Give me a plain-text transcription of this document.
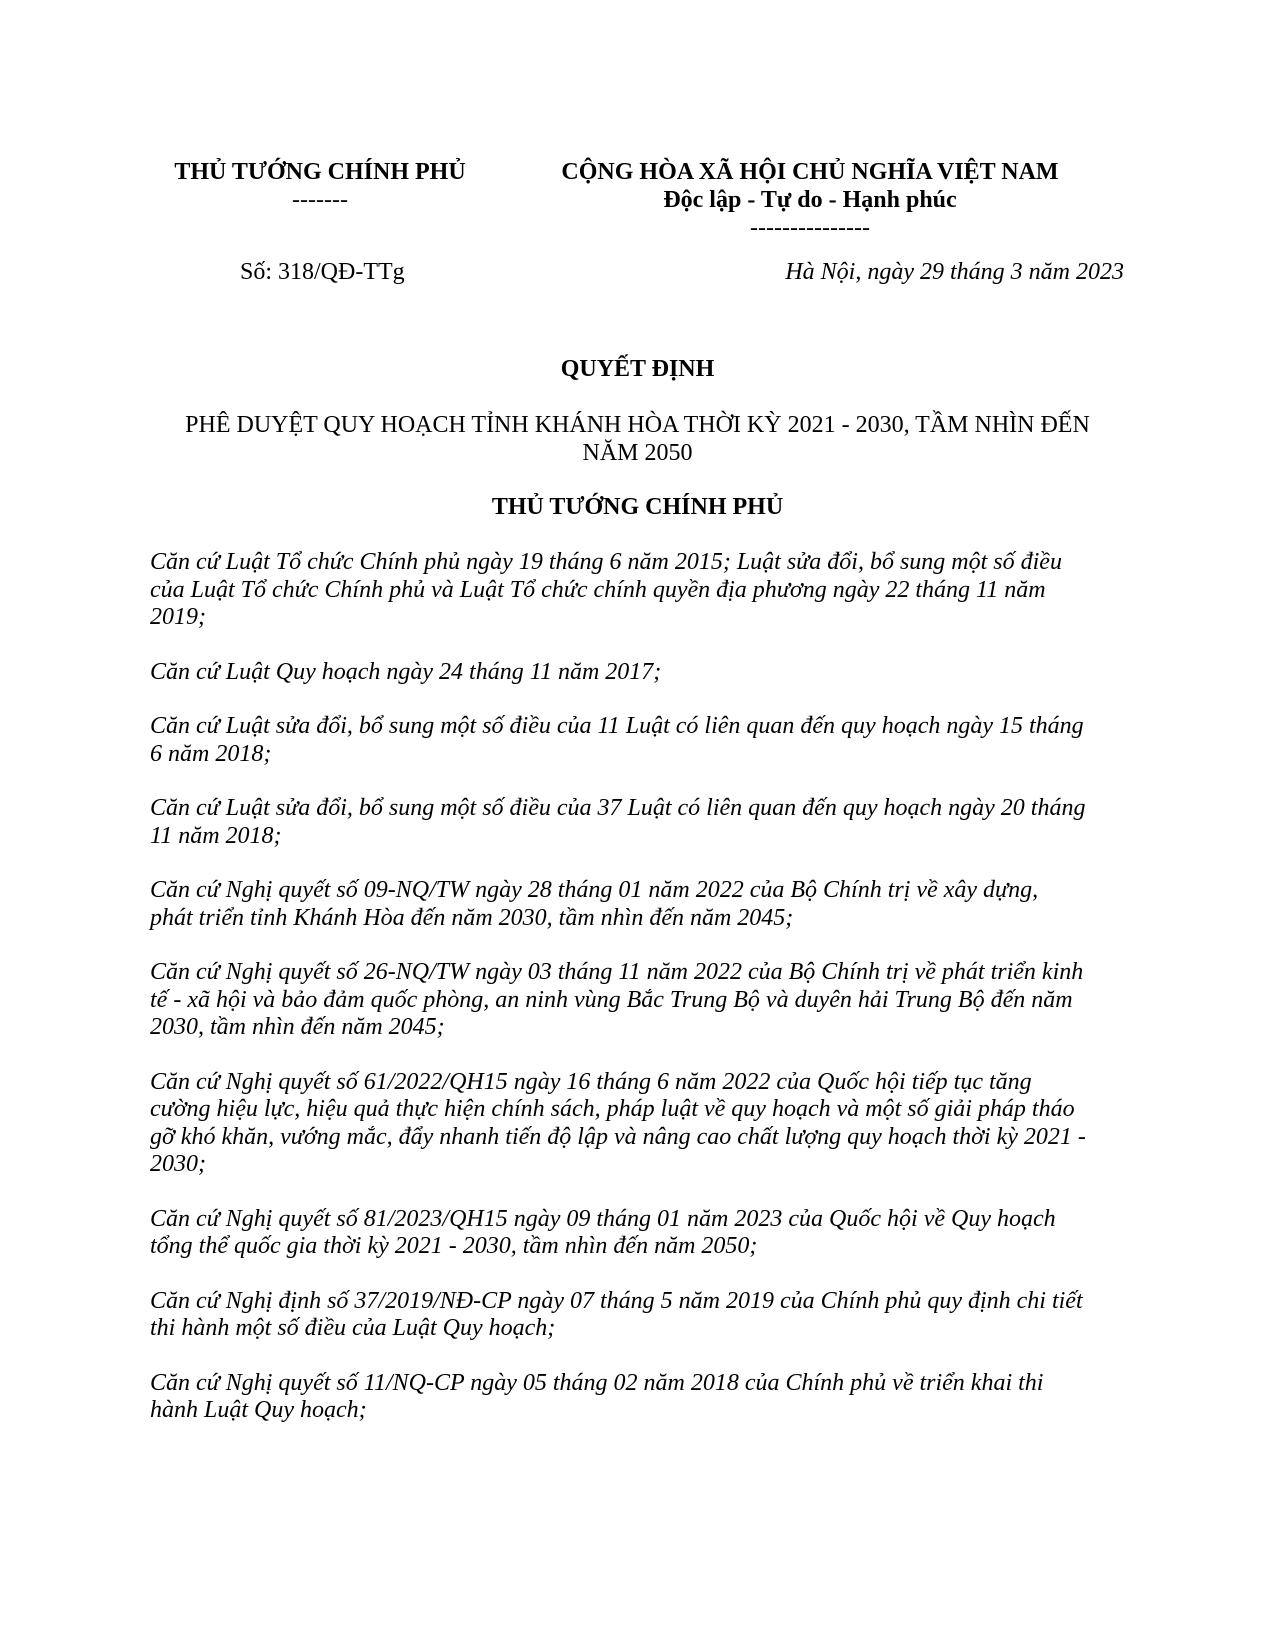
THỦ TƯỚNG CHÍNH PHỦ
-------
CỘNG HÒA XÃ HỘI CHỦ NGHĨA VIỆT NAM
Độc lập - Tự do - Hạnh phúc
---------------
Số: 318/QĐ-TTg	Hà Nội, ngày 29 tháng 3 năm 2023
QUYẾT ĐỊNH
PHÊ DUYỆT QUY HOẠCH TỈNH KHÁNH HÒA THỜI KỲ 2021 - 2030, TẦM NHÌN ĐẾN
NĂM 2050
THỦ TƯỚNG CHÍNH PHỦ
Căn cứ Luật Tổ chức Chính phủ ngày 19 tháng 6 năm 2015; Luật sửa đổi, bổ sung một số điều
của Luật Tổ chức Chính phủ và Luật Tổ chức chính quyền địa phương ngày 22 tháng 11 năm
2019;
Căn cứ Luật Quy hoạch ngày 24 tháng 11 năm 2017;
Căn cứ Luật sửa đổi, bổ sung một số điều của 11 Luật có liên quan đến quy hoạch ngày 15 tháng
6 năm 2018;
Căn cứ Luật sửa đổi, bổ sung một số điều của 37 Luật có liên quan đến quy hoạch ngày 20 tháng
11 năm 2018;
Căn cứ Nghị quyết số 09-NQ/TW ngày 28 tháng 01 năm 2022 của Bộ Chính trị về xây dựng,
phát triển tỉnh Khánh Hòa đến năm 2030, tầm nhìn đến năm 2045;
Căn cứ Nghị quyết số 26-NQ/TW ngày 03 tháng 11 năm 2022 của Bộ Chính trị về phát triển kinh
tế - xã hội và bảo đảm quốc phòng, an ninh vùng Bắc Trung Bộ và duyên hải Trung Bộ đến năm
2030, tầm nhìn đến năm 2045;
Căn cứ Nghị quyết số 61/2022/QH15 ngày 16 tháng 6 năm 2022 của Quốc hội tiếp tục tăng
cường hiệu lực, hiệu quả thực hiện chính sách, pháp luật về quy hoạch và một số giải pháp tháo
gỡ khó khăn, vướng mắc, đẩy nhanh tiến độ lập và nâng cao chất lượng quy hoạch thời kỳ 2021 -
2030;
Căn cứ Nghị quyết số 81/2023/QH15 ngày 09 tháng 01 năm 2023 của Quốc hội về Quy hoạch
tổng thể quốc gia thời kỳ 2021 - 2030, tầm nhìn đến năm 2050;
Căn cứ Nghị định số 37/2019/NĐ-CP ngày 07 tháng 5 năm 2019 của Chính phủ quy định chi tiết
thi hành một số điều của Luật Quy hoạch;
Căn cứ Nghị quyết số 11/NQ-CP ngày 05 tháng 02 năm 2018 của Chính phủ về triển khai thi
hành Luật Quy hoạch;
